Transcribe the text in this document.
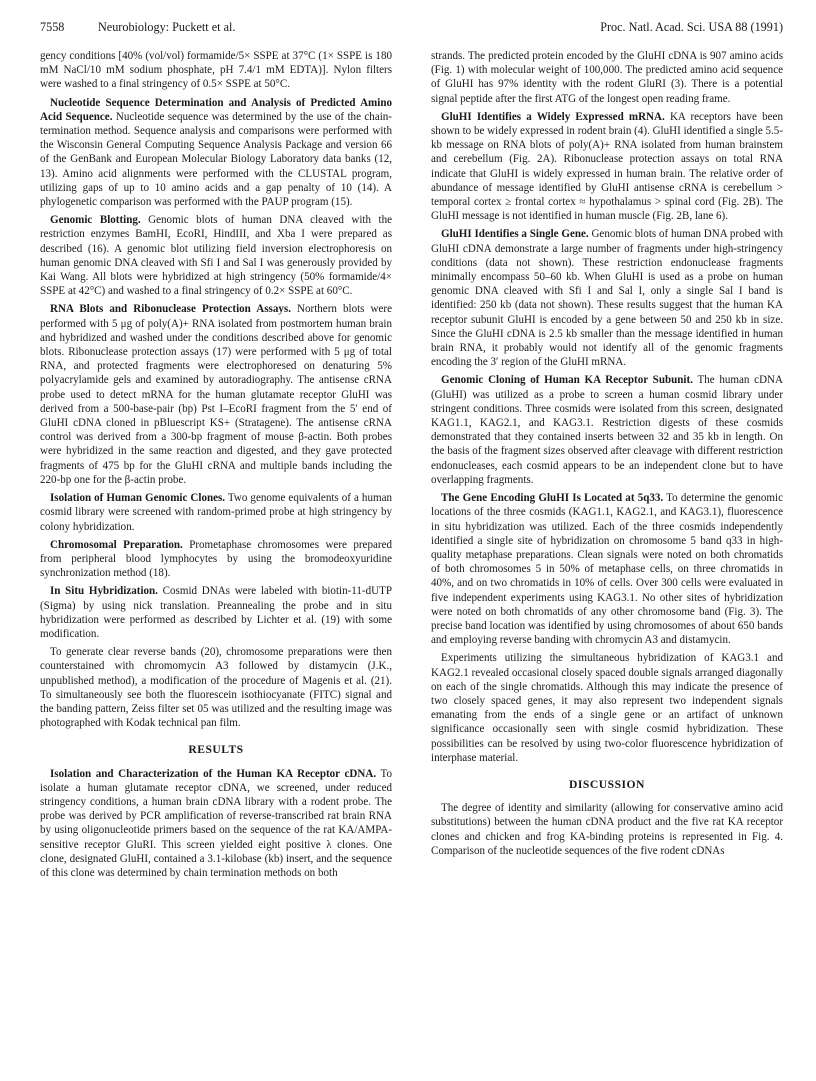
7558	Neurobiology: Puckett et al.	Proc. Natl. Acad. Sci. USA 88 (1991)

gency conditions [40% (vol/vol) formamide/5× SSPE at 37°C (1× SSPE is 180 mM NaCl/10 mM sodium phosphate, pH 7.4/1 mM EDTA)]. Nylon filters were washed to a final stringency of 0.5× SSPE at 50°C.

Nucleotide Sequence Determination and Analysis of Predicted Amino Acid Sequence. Nucleotide sequence was determined by the use of the chain-termination method. Sequence analysis and comparisons were performed with the Wisconsin General Computing Sequence Analysis Package and version 66 of the GenBank and European Molecular Biology Laboratory data banks (12, 13). Amino acid alignments were performed with the CLUSTAL program, utilizing gaps of up to 10 amino acids and a gap penalty of 10 (14). A phylogenetic comparison was performed with the PAUP program (15).

Genomic Blotting. Genomic blots of human DNA cleaved with the restriction enzymes BamHI, EcoRI, HindIII, and Xba I were prepared as described (16). A genomic blot utilizing field inversion electrophoresis on human genomic DNA cleaved with Sfi I and Sal I was generously provided by Kai Wang. All blots were hybridized at high stringency (50% formamide/4× SSPE at 42°C) and washed to a final stringency of 0.2× SSPE at 60°C.

RNA Blots and Ribonuclease Protection Assays. Northern blots were performed with 5 μg of poly(A)+ RNA isolated from postmortem human brain and hybridized and washed under the conditions described above for genomic blots. Ribonuclease protection assays (17) were performed with 5 μg of total RNA, and protected fragments were electrophoresed on denaturing 5% polyacrylamide gels and examined by autoradiography. The antisense cRNA probe used to detect mRNA for the human glutamate receptor GluHI was derived from a 500-base-pair (bp) Pst I–EcoRI fragment from the 5′ end of GluHI cDNA cloned in pBluescript KS+ (Stratagene). The antisense cRNA control was derived from a 300-bp fragment of mouse β-actin. Both probes were hybridized in the same reaction and digested, and they gave protected fragments of 475 bp for the GluHI cRNA and multiple bands including the 220-bp one for the β-actin probe.

Isolation of Human Genomic Clones. Two genome equivalents of a human cosmid library were screened with random-primed probe at high stringency by colony hybridization.

Chromosomal Preparation. Prometaphase chromosomes were prepared from peripheral blood lymphocytes by using the bromodeoxyuridine synchronization method (18).

In Situ Hybridization. Cosmid DNAs were labeled with biotin-11-dUTP (Sigma) by using nick translation. Preannealing the probe and in situ hybridization were performed as described by Lichter et al. (19) with some modification.

To generate clear reverse bands (20), chromosome preparations were then counterstained with chromomycin A3 followed by distamycin (J.K., unpublished method), a modification of the procedure of Magenis et al. (21). To simultaneously see both the fluorescein isothiocyanate (FITC) signal and the banding pattern, Zeiss filter set 05 was utilized and the resulting image was photographed with Kodak technical pan film.

RESULTS

Isolation and Characterization of the Human KA Receptor cDNA. To isolate a human glutamate receptor cDNA, we screened, under reduced stringency conditions, a human brain cDNA library with a rodent probe. The probe was derived by PCR amplification of reverse-transcribed rat brain RNA by using oligonucleotide primers based on the sequence of the rat KA/AMPA-sensitive receptor GluRI. This screen yielded eight positive λ clones. One clone, designated GluHI, contained a 3.1-kilobase (kb) insert, and the sequence of this clone was determined by chain termination methods on both

strands. The predicted protein encoded by the GluHI cDNA is 907 amino acids (Fig. 1) with molecular weight of 100,000. The predicted amino acid sequence of GluHI has 97% identity with the rodent GluRI (3). There is a potential signal peptide after the first ATG of the longest open reading frame.

GluHI Identifies a Widely Expressed mRNA. KA receptors have been shown to be widely expressed in rodent brain (4). GluHI identified a single 5.5-kb message on RNA blots of poly(A)+ RNA isolated from human brainstem and cerebellum (Fig. 2A). Ribonuclease protection assays on total RNA indicate that GluHI is widely expressed in human brain. The relative order of abundance of message identified by GluHI antisense cRNA is cerebellum > temporal cortex ≥ frontal cortex ≈ hypothalamus > spinal cord (Fig. 2B). The GluHI message is not identified in human muscle (Fig. 2B, lane 6).

GluHI Identifies a Single Gene. Genomic blots of human DNA probed with GluHI cDNA demonstrate a large number of fragments under high-stringency conditions (data not shown). These restriction endonuclease fragments minimally encompass 50–60 kb. When GluHI is used as a probe on human genomic DNA cleaved with Sfi I and Sal I, only a single Sal I band is identified: 250 kb (data not shown). These results suggest that the human KA receptor subunit GluHI is encoded by a gene between 50 and 250 kb in size. Since the GluHI cDNA is 2.5 kb smaller than the message identified in human brain RNA, it probably would not identify all of the genomic fragments encoding the 3′ region of the GluHI mRNA.

Genomic Cloning of Human KA Receptor Subunit. The human cDNA (GluHI) was utilized as a probe to screen a human cosmid library under stringent conditions. Three cosmids were isolated from this screen, designated KAG1.1, KAG2.1, and KAG3.1. Restriction digests of these cosmids demonstrated that they contained inserts between 32 and 35 kb in length. On the basis of the fragment sizes observed after cleavage with different restriction endonucleases, each cosmid appears to be an independent clone but to have overlapping fragments.

The Gene Encoding GluHI Is Located at 5q33. To determine the genomic locations of the three cosmids (KAG1.1, KAG2.1, and KAG3.1), fluorescence in situ hybridization was utilized. Each of the three cosmids independently identified a single site of hybridization on chromosome 5 band q33 in high-quality metaphase preparations. Clean signals were noted on both chromatids of both chromosomes 5 in 50% of metaphase cells, on three chromatids in 40%, and on two chromatids in 10% of cells. Over 300 cells were evaluated in five independent experiments using KAG3.1. No other sites of hybridization were noted on both chromatids of any other chromosome band (Fig. 3). The precise band location was identified by using chromosomes of about 650 bands and employing reverse banding with chromycin A3 and distamycin.

Experiments utilizing the simultaneous hybridization of KAG3.1 and KAG2.1 revealed occasional closely spaced double signals arranged diagonally on each of the single chromatids. Although this may indicate the presence of two closely spaced genes, it may also represent two independent signals emanating from the ends of a single gene or an artifact of unknown significance occasionally seen with single cosmid hybridization. These possibilities can be resolved by using two-color fluorescence hybridization of interphase material.

DISCUSSION

The degree of identity and similarity (allowing for conservative amino acid substitutions) between the human cDNA product and the five rat KA receptor clones and chicken and frog KA-binding proteins is represented in Fig. 4. Comparison of the nucleotide sequences of the five rodent cDNAs
